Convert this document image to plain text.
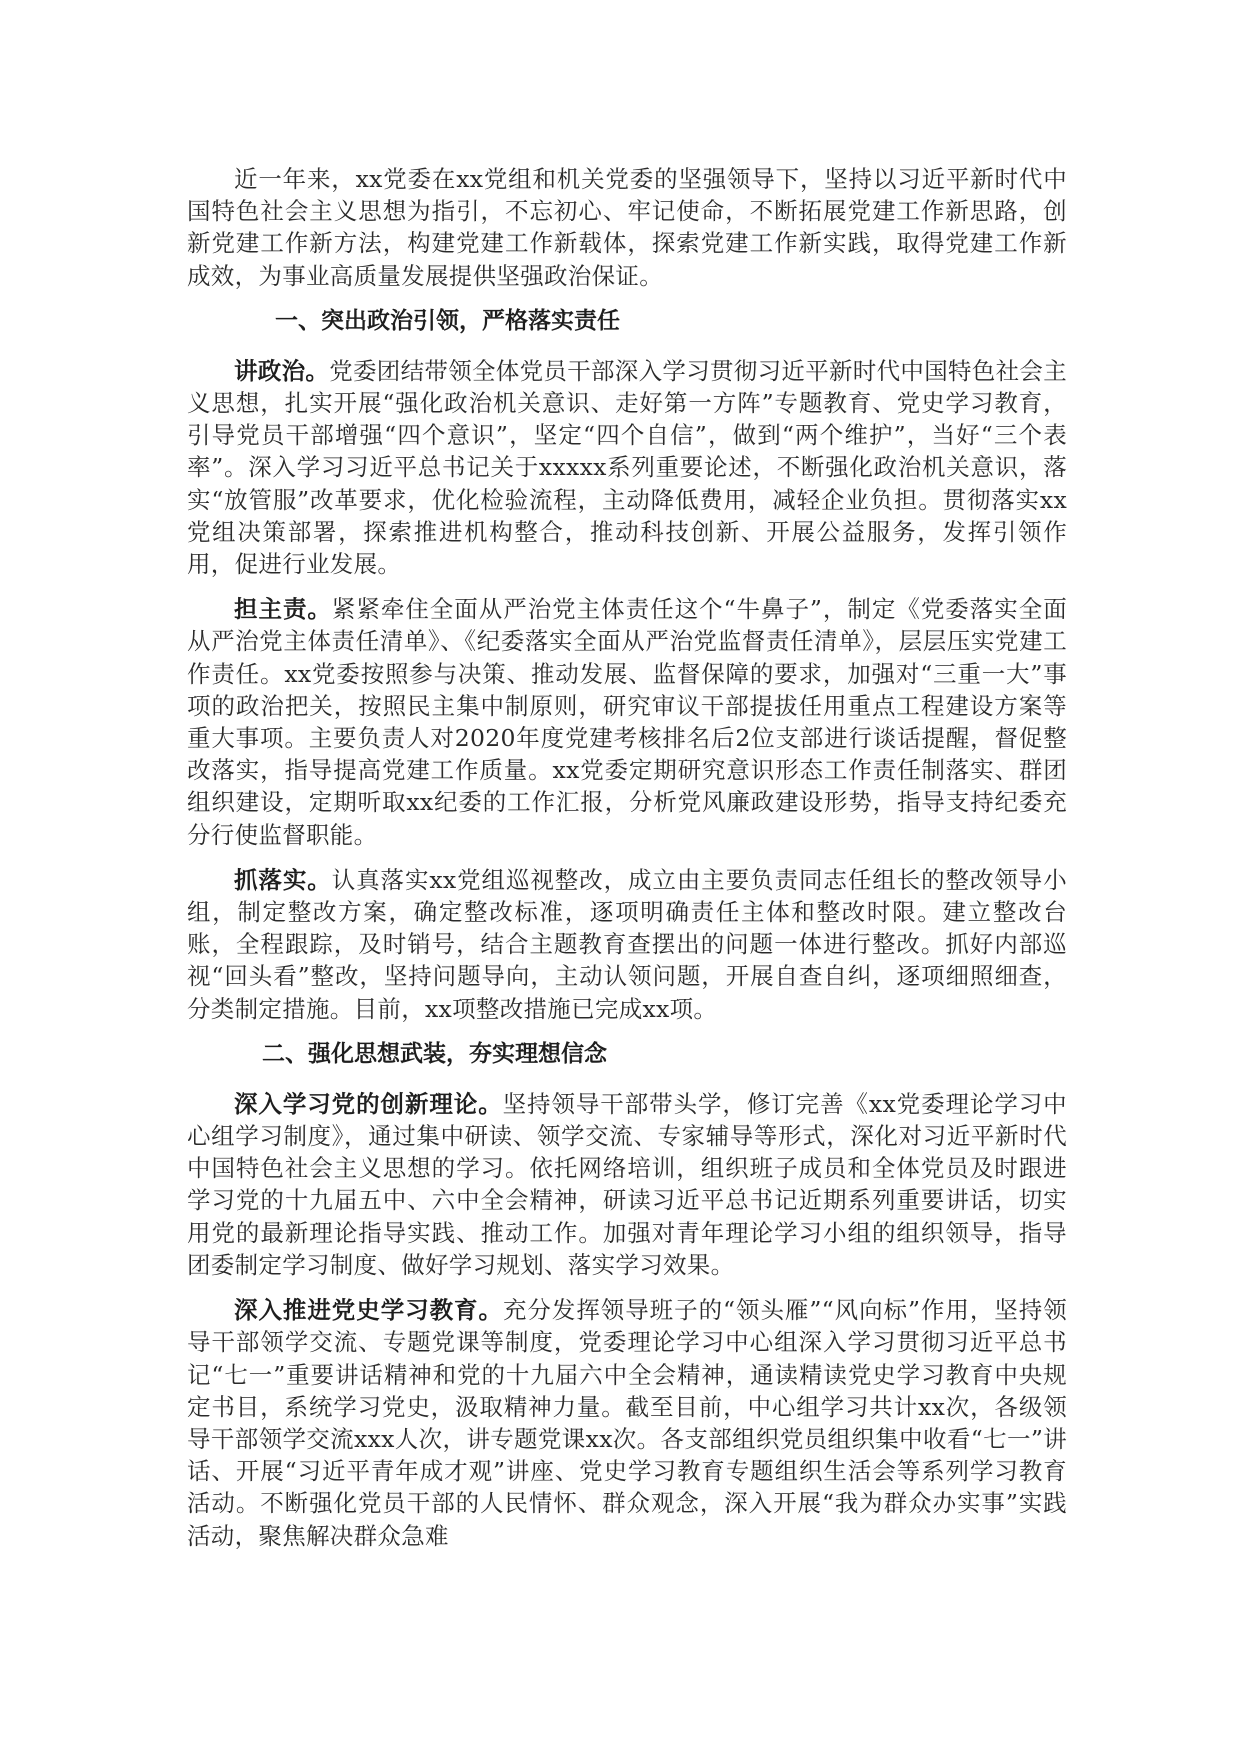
近一年来，xx党委在xx党组和机关党委的坚强领导下，坚持以习近平新时代中国特色社会主义思想为指引，不忘初心、牢记使命，不断拓展党建工作新思路，创新党建工作新方法，构建党建工作新载体，探索党建工作新实践，取得党建工作新成效，为事业高质量发展提供坚强政治保证。

一、突出政治引领，严格落实责任

讲政治。党委团结带领全体党员干部深入学习贯彻习近平新时代中国特色社会主义思想，扎实开展“强化政治机关意识、走好第一方阵”专题教育、党史学习教育，引导党员干部增强“四个意识”，坚定“四个自信”，做到“两个维护”，当好“三个表率”。深入学习习近平总书记关于xxxxx系列重要论述，不断强化政治机关意识，落实“放管服”改革要求，优化检验流程，主动降低费用，减轻企业负担。贯彻落实xx党组决策部署，探索推进机构整合，推动科技创新、开展公益服务，发挥引领作用，促进行业发展。

担主责。紧紧牵住全面从严治党主体责任这个“牛鼻子”，制定《党委落实全面从严治党主体责任清单》、《纪委落实全面从严治党监督责任清单》，层层压实党建工作责任。xx党委按照参与决策、推动发展、监督保障的要求，加强对“三重一大”事项的政治把关，按照民主集中制原则，研究审议干部提拔任用重点工程建设方案等重大事项。主要负责人对2020年度党建考核排名后2位支部进行谈话提醒，督促整改落实，指导提高党建工作质量。xx党委定期研究意识形态工作责任制落实、群团组织建设，定期听取xx纪委的工作汇报，分析党风廉政建设形势，指导支持纪委充分行使监督职能。

抓落实。认真落实xx党组巡视整改，成立由主要负责同志任组长的整改领导小组，制定整改方案，确定整改标准，逐项明确责任主体和整改时限。建立整改台账，全程跟踪，及时销号，结合主题教育查摆出的问题一体进行整改。抓好内部巡视“回头看”整改，坚持问题导向，主动认领问题，开展自查自纠，逐项细照细查，分类制定措施。目前，xx项整改措施已完成xx项。

二、强化思想武装，夯实理想信念

深入学习党的创新理论。坚持领导干部带头学，修订完善《xx党委理论学习中心组学习制度》，通过集中研读、领学交流、专家辅导等形式，深化对习近平新时代中国特色社会主义思想的学习。依托网络培训，组织班子成员和全体党员及时跟进学习党的十九届五中、六中全会精神，研读习近平总书记近期系列重要讲话，切实用党的最新理论指导实践、推动工作。加强对青年理论学习小组的组织领导，指导团委制定学习制度、做好学习规划、落实学习效果。

深入推进党史学习教育。充分发挥领导班子的“领头雁”“风向标”作用，坚持领导干部领学交流、专题党课等制度，党委理论学习中心组深入学习贯彻习近平总书记“七一”重要讲话精神和党的十九届六中全会精神，通读精读党史学习教育中央规定书目，系统学习党史，汲取精神力量。截至目前，中心组学习共计xx次，各级领导干部领学交流xxx人次，讲专题党课xx次。各支部组织党员组织集中收看“七一”讲话、开展“习近平青年成才观”讲座、党史学习教育专题组织生活会等系列学习教育活动。不断强化党员干部的人民情怀、群众观念，深入开展“我为群众办实事”实践活动，聚焦解决群众急难
